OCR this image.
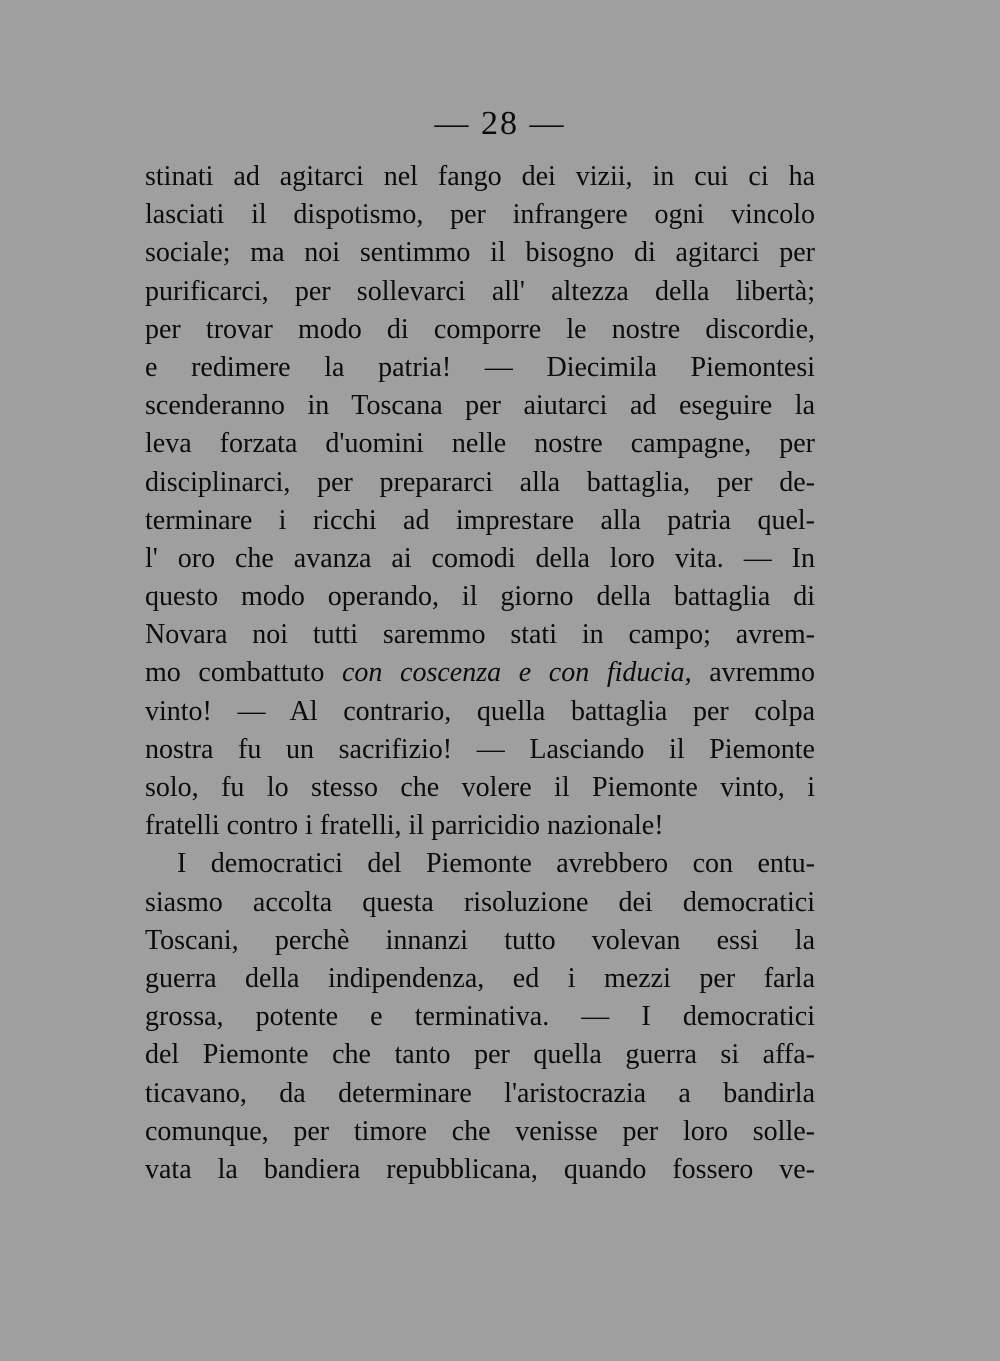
— 28 —
stinati ad agitarci nel fango dei vizii, in cui ci ha
lasciati il dispotismo, per infrangere ogni vincolo
sociale; ma noi sentimmo il bisogno di agitarci per
purificarci, per sollevarci all' altezza della libertà;
per trovar modo di comporre le nostre discordie,
e redimere la patria! — Diecimila Piemontesi
scenderanno in Toscana per aiutarci ad eseguire la
leva forzata d'uomini nelle nostre campagne, per
disciplinarci, per prepararci alla battaglia, per de-
terminare i ricchi ad imprestare alla patria quel-
l' oro che avanza ai comodi della loro vita. — In
questo modo operando, il giorno della battaglia di
Novara noi tutti saremmo stati in campo; avrem-
mo combattuto con coscenza e con fiducia, avremmo
vinto! — Al contrario, quella battaglia per colpa
nostra fu un sacrifizio! — Lasciando il Piemonte
solo, fu lo stesso che volere il Piemonte vinto, i
fratelli contro i fratelli, il parricidio nazionale!
I democratici del Piemonte avrebbero con entu-
siasmo accolta questa risoluzione dei democratici
Toscani, perchè innanzi tutto volevan essi la
guerra della indipendenza, ed i mezzi per farla
grossa, potente e terminativa. — I democratici
del Piemonte che tanto per quella guerra si affa-
ticavano, da determinare l'aristocrazia a bandirla
comunque, per timore che venisse per loro solle-
vata la bandiera repubblicana, quando fossero ve-
